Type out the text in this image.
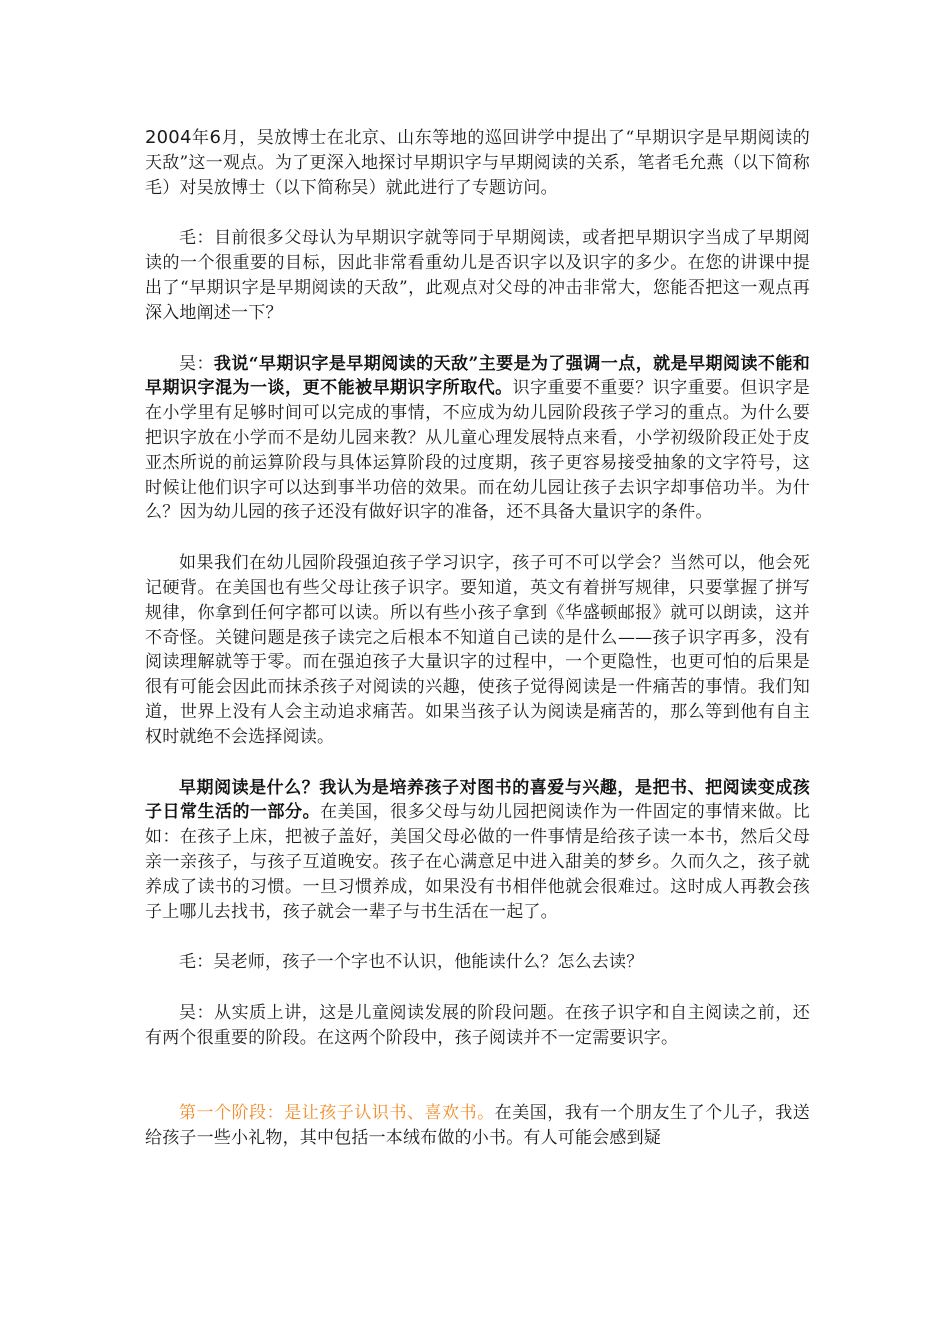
2004年6月，吴放博士在北京、山东等地的巡回讲学中提出了“早期识字是早期阅读的天敌”这一观点。为了更深入地探讨早期识字与早期阅读的关系，笔者毛允燕（以下简称毛）对吴放博士（以下简称吴）就此进行了专题访问。

毛：目前很多父母认为早期识字就等同于早期阅读，或者把早期识字当成了早期阅读的一个很重要的目标，因此非常看重幼儿是否识字以及识字的多少。在您的讲课中提出了“早期识字是早期阅读的天敌”，此观点对父母的冲击非常大，您能否把这一观点再深入地阐述一下？

吴：我说“早期识字是早期阅读的天敌”主要是为了强调一点，就是早期阅读不能和早期识字混为一谈，更不能被早期识字所取代。识字重要不重要？识字重要。但识字是在小学里有足够时间可以完成的事情，不应成为幼儿园阶段孩子学习的重点。为什么要把识字放在小学而不是幼儿园来教？从儿童心理发展特点来看，小学初级阶段正处于皮亚杰所说的前运算阶段与具体运算阶段的过度期，孩子更容易接受抽象的文字符号，这时候让他们识字可以达到事半功倍的效果。而在幼儿园让孩子去识字却事倍功半。为什么？因为幼儿园的孩子还没有做好识字的准备，还不具备大量识字的条件。

如果我们在幼儿园阶段强迫孩子学习识字，孩子可不可以学会？当然可以，他会死记硬背。在美国也有些父母让孩子识字。要知道，英文有着拼写规律，只要掌握了拼写规律，你拿到任何字都可以读。所以有些小孩子拿到《华盛顿邮报》就可以朗读，这并不奇怪。关键问题是孩子读完之后根本不知道自己读的是什么——孩子识字再多，没有阅读理解就等于零。而在强迫孩子大量识字的过程中，一个更隐性，也更可怕的后果是很有可能会因此而抹杀孩子对阅读的兴趣，使孩子觉得阅读是一件痛苦的事情。我们知道，世界上没有人会主动追求痛苦。如果当孩子认为阅读是痛苦的，那么等到他有自主权时就绝不会选择阅读。

早期阅读是什么？我认为是培养孩子对图书的喜爱与兴趣，是把书、把阅读变成孩子日常生活的一部分。在美国，很多父母与幼儿园把阅读作为一件固定的事情来做。比如：在孩子上床，把被子盖好，美国父母必做的一件事情是给孩子读一本书，然后父母亲一亲孩子，与孩子互道晚安。孩子在心满意足中进入甜美的梦乡。久而久之，孩子就养成了读书的习惯。一旦习惯养成，如果没有书相伴他就会很难过。这时成人再教会孩子上哪儿去找书，孩子就会一辈子与书生活在一起了。

毛：吴老师，孩子一个字也不认识，他能读什么？怎么去读？

吴：从实质上讲，这是儿童阅读发展的阶段问题。在孩子识字和自主阅读之前，还有两个很重要的阶段。在这两个阶段中，孩子阅读并不一定需要识字。

第一个阶段：是让孩子认识书、喜欢书。在美国，我有一个朋友生了个儿子，我送给孩子一些小礼物，其中包括一本绒布做的小书。有人可能会感到疑
